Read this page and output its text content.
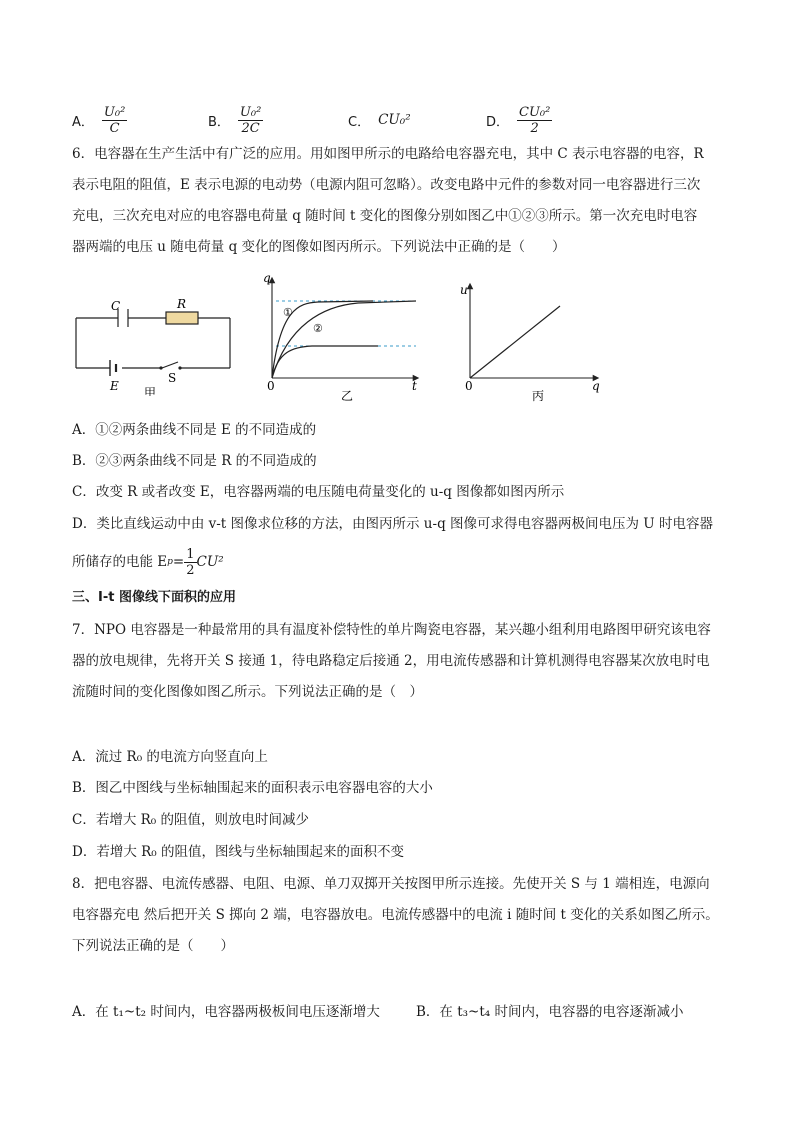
A． $\frac{\text{U₀²}}{C}$	B． $\frac{\text{U₀²}}{2C}$	C． CU₀²	D． $\frac{\text{CU₀²}}{2}$
6．电容器在生产生活中有广泛的应用。用如图甲所示的电路给电容器充电，其中 C 表示电容器的电容，R
表示电阻的阻值，E 表示电源的电动势（电源内阻可忽略）。改变电路中元件的参数对同一电容器进行三次
充电，三次充电对应的电容器电荷量 q 随时间 t 变化的图像分别如图乙中①②③所示。第一次充电时电容
器两端的电压 u 随电荷量 q 变化的图像如图丙所示。下列说法中正确的是（　　）
C	R
E
S
甲
q
t
0
①
②
乙
u
q
0
丙
A．①②两条曲线不同是 E 的不同造成的
B．②③两条曲线不同是 R 的不同造成的
C．改变 R 或者改变 E，电容器两端的电压随电荷量变化的 u-q 图像都如图丙所示
D．类比直线运动中由 v-t 图像求位移的方法，由图丙所示 u-q 图像可求得电容器两极间电压为 U 时电容器
所储存的电能 E $p = \frac{1}{2} CU^2$
三、I-t 图像线下面积的应用
7．NPO 电容器是一种最常用的具有温度补偿特性的单片陶瓷电容器，某兴趣小组利用电路图甲研究该电容
器的放电规律，先将开关 S 接通 1，待电路稳定后接通 2，用电流传感器和计算机测得电容器某次放电时电
流随时间的变化图像如图乙所示。下列说法正确的是（　）
A．流过 R₀ 的电流方向竖直向上
B．图乙中图线与坐标轴围起来的面积表示电容器电容的大小
C．若增大 R₀ 的阻值，则放电时间减少
D．若增大 R₀ 的阻值，图线与坐标轴围起来的面积不变
8．把电容器、电流传感器、电阻、电源、单刀双掷开关按图甲所示连接。先使开关 S 与 1 端相连，电源向
电容器充电 然后把开关 S 掷向 2 端，电容器放电。电流传感器中的电流 i 随时间 t 变化的关系如图乙所示。
下列说法正确的是（　　）
A．在 t₁~t₂ 时间内，电容器两极板间电压逐渐增大	B．在 t₃~t₄ 时间内，电容器的电容逐渐减小
